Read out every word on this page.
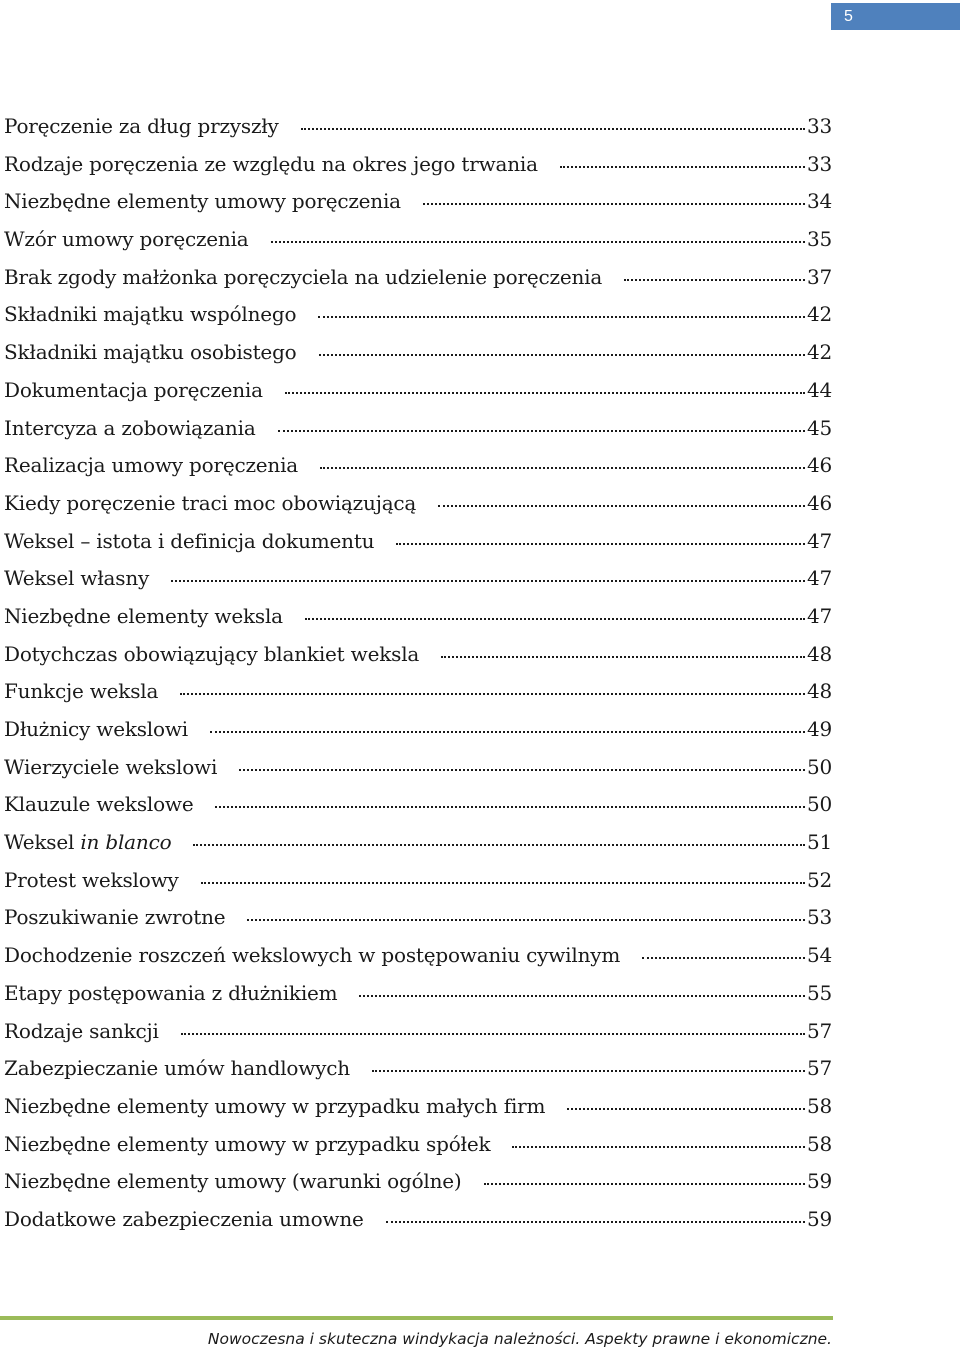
5
Poręczenie za dług przyszły	33
Rodzaje poręczenia ze względu na okres jego trwania	33
Niezbędne elementy umowy poręczenia	34
Wzór umowy poręczenia	35
Brak zgody małżonka poręczyciela na udzielenie poręczenia	37
Składniki majątku wspólnego	42
Składniki majątku osobistego	42
Dokumentacja poręczenia	44
Intercyza a zobowiązania	45
Realizacja umowy poręczenia	46
Kiedy poręczenie traci moc obowiązującą	46
Weksel – istota i definicja dokumentu	47
Weksel własny	47
Niezbędne elementy weksla	47
Dotychczas obowiązujący blankiet weksla	48
Funkcje weksla	48
Dłużnicy wekslowi	49
Wierzyciele wekslowi	50
Klauzule wekslowe	50
Weksel in blanco	51
Protest wekslowy	52
Poszukiwanie zwrotne	53
Dochodzenie roszczeń wekslowych w postępowaniu cywilnym	54
Etapy postępowania z dłużnikiem	55
Rodzaje sankcji	57
Zabezpieczanie umów handlowych	57
Niezbędne elementy umowy w przypadku małych firm	58
Niezbędne elementy umowy w przypadku spółek	58
Niezbędne elementy umowy (warunki ogólne)	59
Dodatkowe zabezpieczenia umowne	59
Nowoczesna i skuteczna windykacja należności. Aspekty prawne i ekonomiczne.
